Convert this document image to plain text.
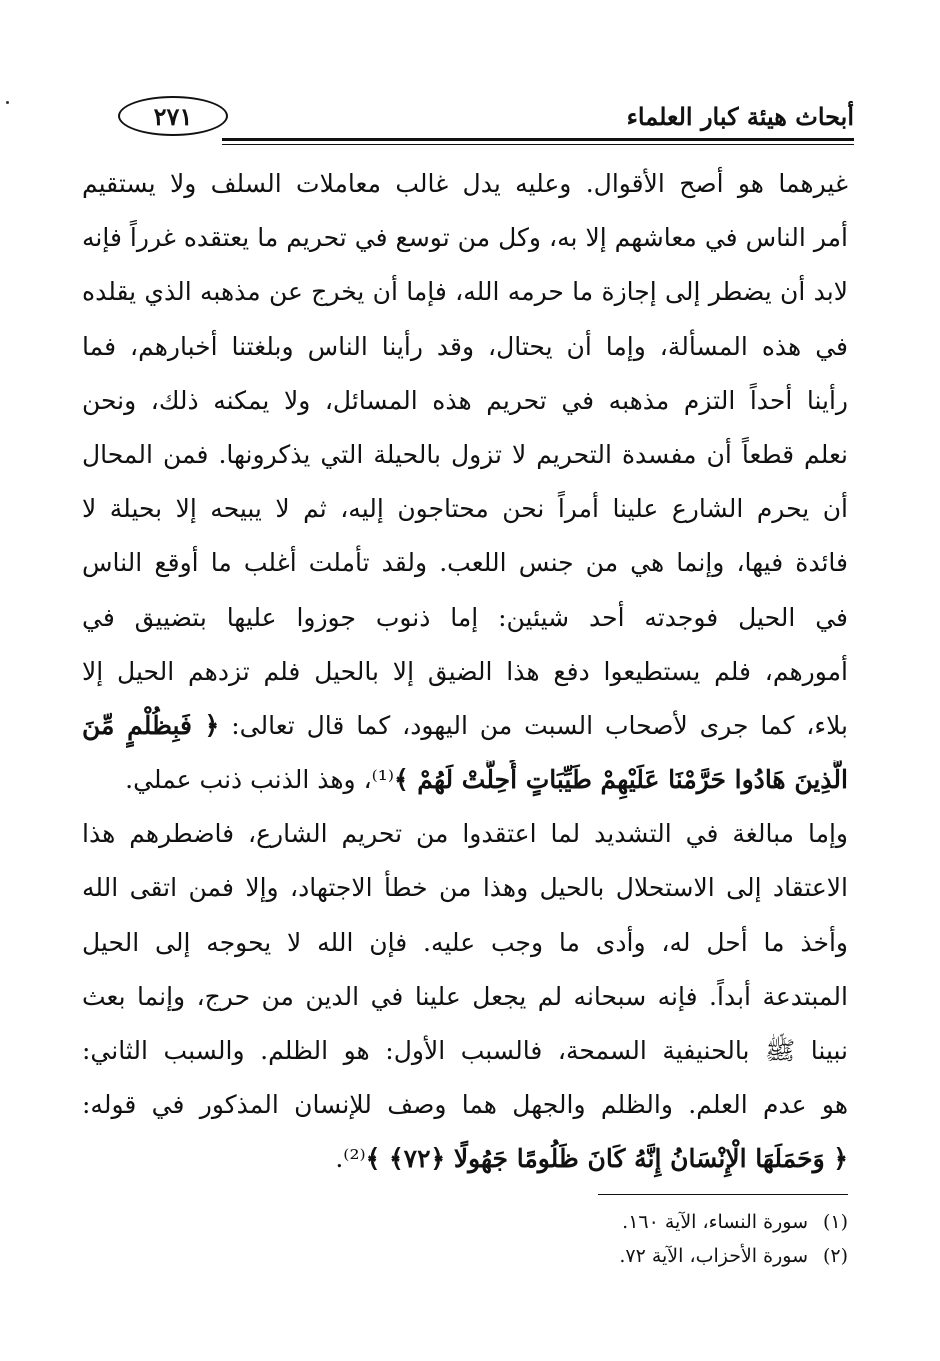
٢٧١	أبحاث هيئة كبار العلماء
غيرهما هو أصح الأقوال. وعليه يدل غالب معاملات السلف ولا يستقيم
أمر الناس في معاشهم إلا به، وكل من توسع في تحريم ما يعتقده غرراً فإنه
لابد أن يضطر إلى إجازة ما حرمه الله، فإما أن يخرج عن مذهبه الذي يقلده
في هذه المسألة، وإما أن يحتال، وقد رأينا الناس وبلغتنا أخبارهم، فما
رأينا أحداً التزم مذهبه في تحريم هذه المسائل، ولا يمكنه ذلك، ونحن
نعلم قطعاً أن مفسدة التحريم لا تزول بالحيلة التي يذكرونها. فمن المحال
أن يحرم الشارع علينا أمراً نحن محتاجون إليه، ثم لا يبيحه إلا بحيلة لا
فائدة فيها، وإنما هي من جنس اللعب. ولقد تأملت أغلب ما أوقع الناس
في الحيل فوجدته أحد شيئين: إما ذنوب جوزوا عليها بتضييق في
أمورهم، فلم يستطيعوا دفع هذا الضيق إلا بالحيل فلم تزدهم الحيل إلا
بلاء، كما جرى لأصحاب السبت من اليهود، كما قال تعالى: ﴿ فَبِظُلْمٍ مِّنَ
الَّذِينَ هَادُوا حَرَّمْنَا عَلَيْهِمْ طَيِّبَاتٍ أُحِلَّتْ لَهُمْ ﴾⁽¹⁾، وهذ الذنب ذنب عملي.
وإما مبالغة في التشديد لما اعتقدوا من تحريم الشارع، فاضطرهم هذا
الاعتقاد إلى الاستحلال بالحيل وهذا من خطأ الاجتهاد، وإلا فمن اتقى الله
وأخذ ما أحل له، وأدى ما وجب عليه. فإن الله لا يحوجه إلى الحيل
المبتدعة أبداً. فإنه سبحانه لم يجعل علينا في الدين من حرج، وإنما بعث
نبينا ﷺ بالحنيفية السمحة، فالسبب الأول: هو الظلم. والسبب الثاني:
هو عدم العلم. والظلم والجهل هما وصف للإنسان المذكور في قوله:
﴿ وَحَمَلَهَا الْإِنْسَانُ إِنَّهُ كَانَ ظَلُومًا جَهُولًا ﴿٧٢﴾ ﴾⁽²⁾.
(١)سورة النساء، الآية ١٦٠.
(٢)سورة الأحزاب، الآية ٧٢.
